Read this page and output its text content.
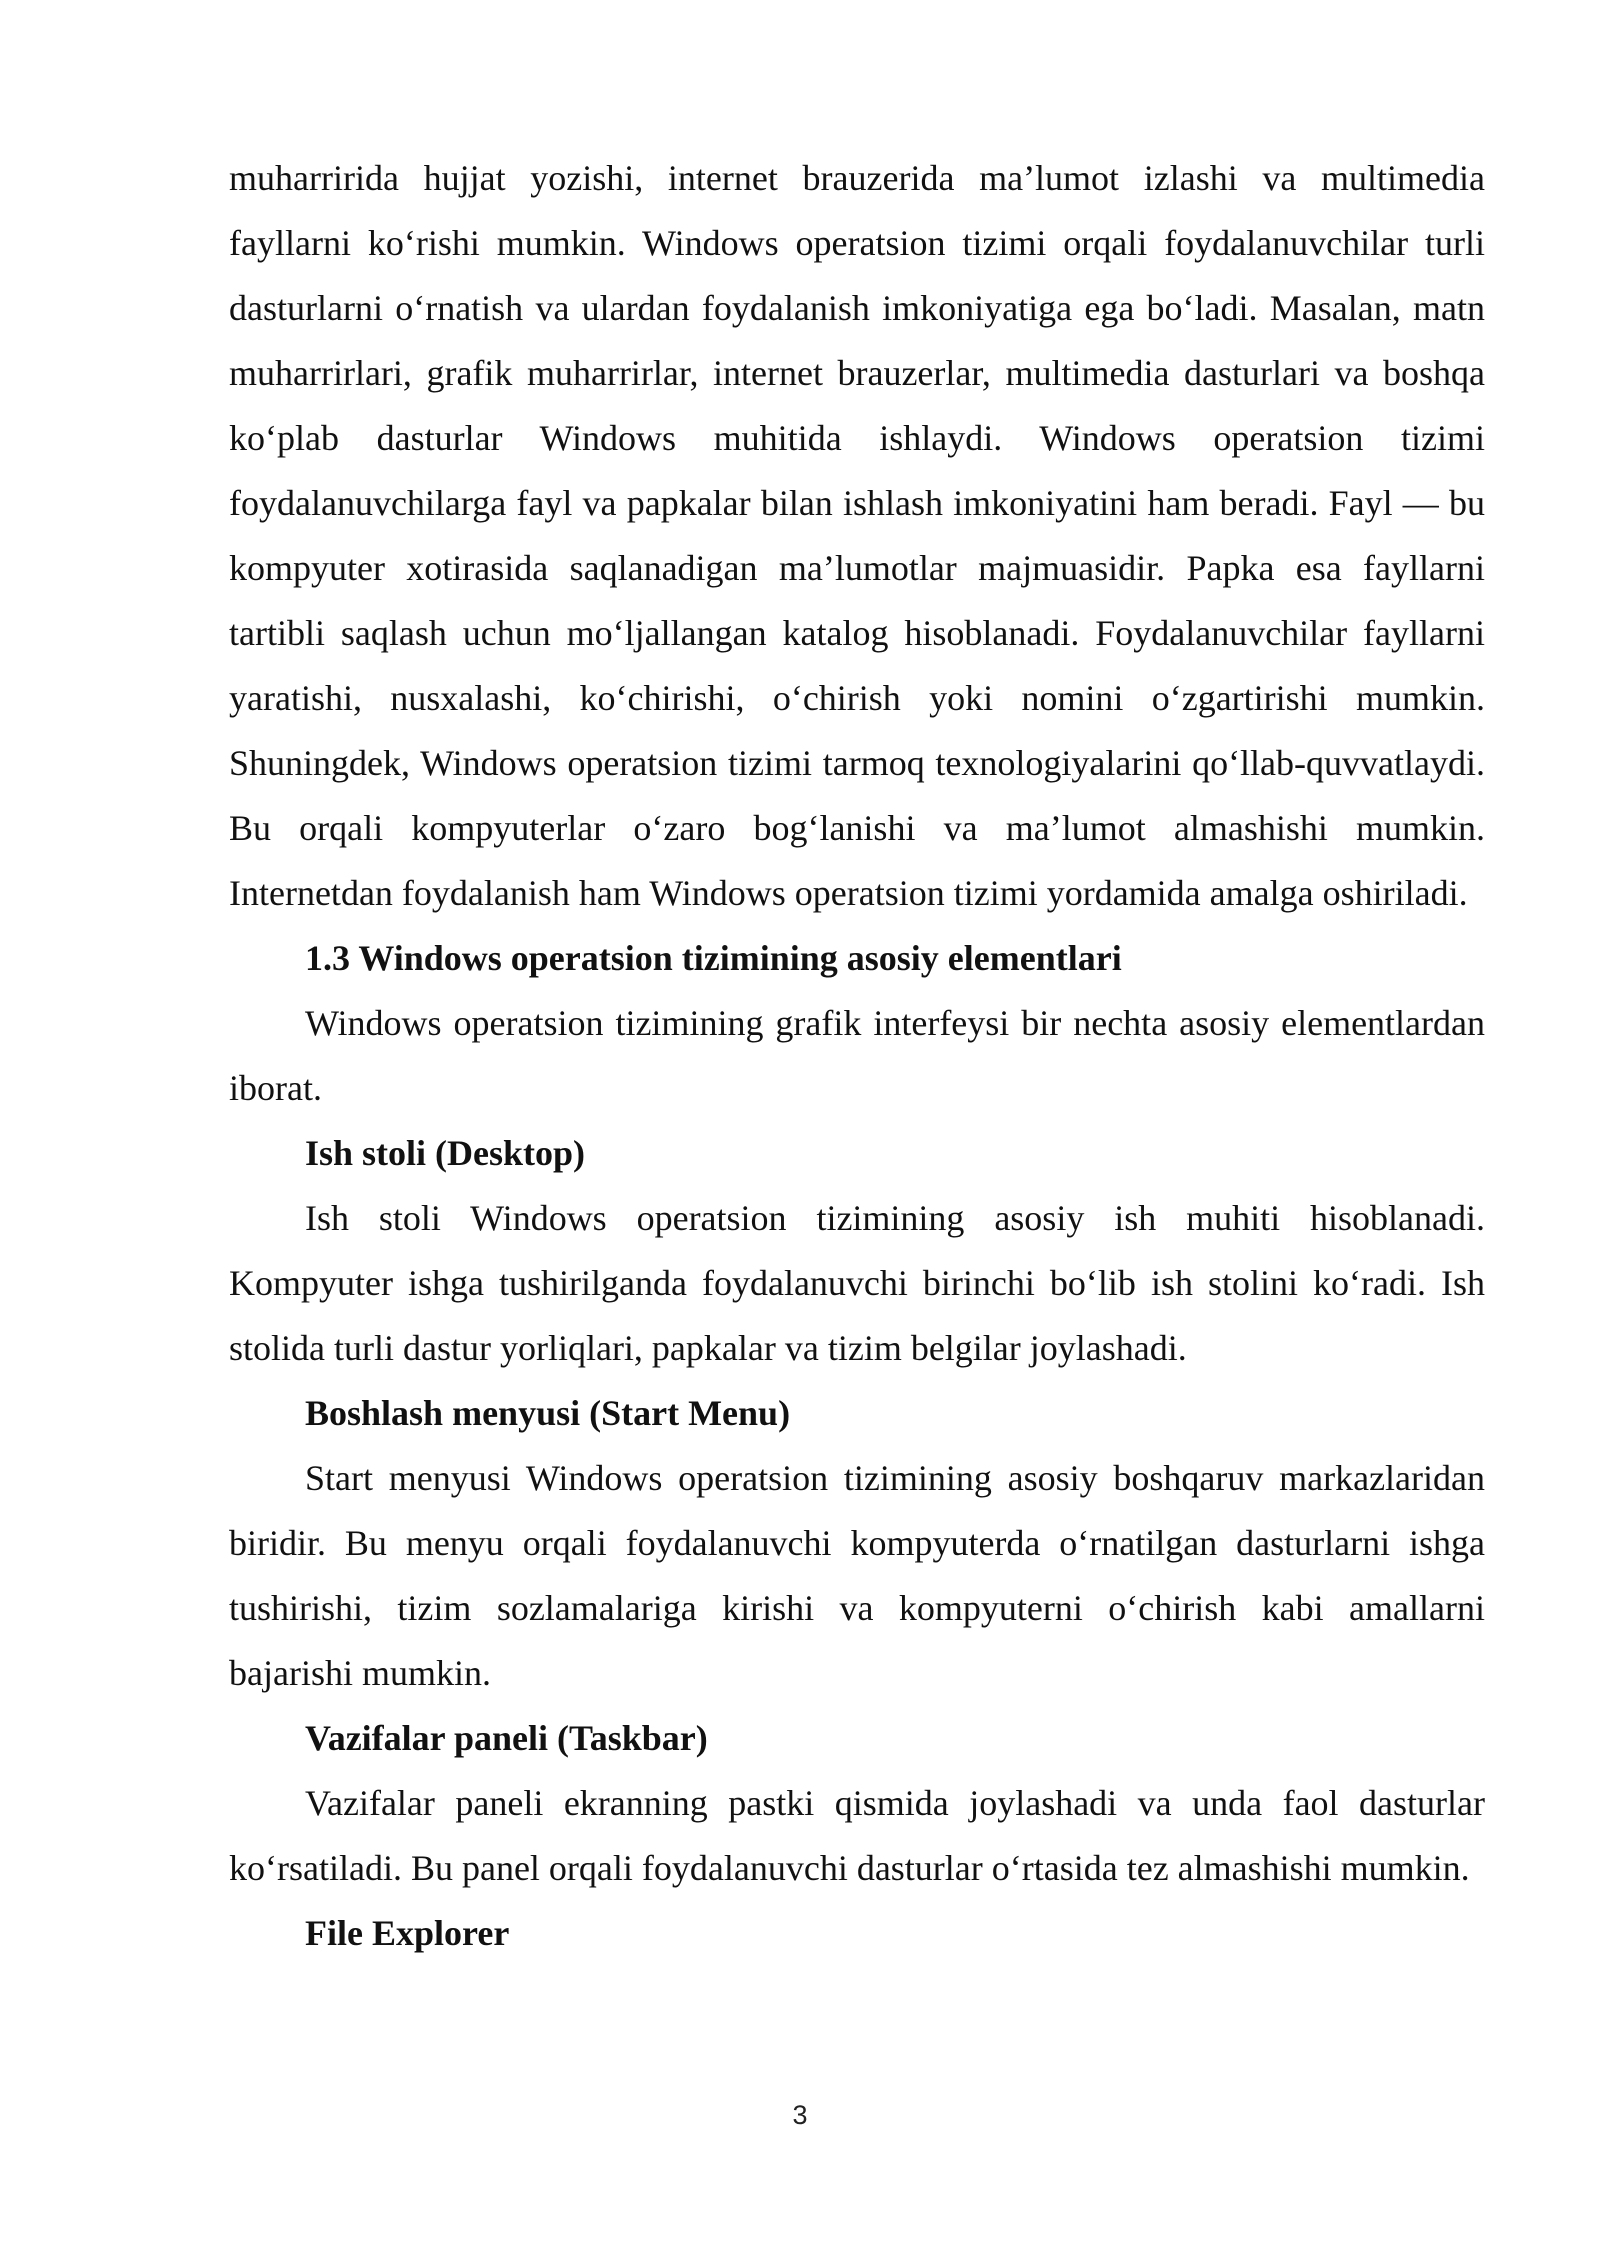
muharririda hujjat yozishi, internet brauzerida ma’lumot izlashi va multimedia fayllarni ko‘rishi mumkin. Windows operatsion tizimi orqali foydalanuvchilar turli dasturlarni o‘rnatish va ulardan foydalanish imkoniyatiga ega bo‘ladi. Masalan, matn muharrirlari, grafik muharrirlar, internet brauzerlar, multimedia dasturlari va boshqa ko‘plab dasturlar Windows muhitida ishlaydi. Windows operatsion tizimi foydalanuvchilarga fayl va papkalar bilan ishlash imkoniyatini ham beradi. Fayl — bu kompyuter xotirasida saqlanadigan ma’lumotlar majmuasidir. Papka esa fayllarni tartibli saqlash uchun mo‘ljallangan katalog hisoblanadi. Foydalanuvchilar fayllarni yaratishi, nusxalashi, ko‘chirishi, o‘chirish yoki nomini o‘zgartirishi mumkin. Shuningdek, Windows operatsion tizimi tarmoq texnologiyalarini qo‘llab-quvvatlaydi. Bu orqali kompyuterlar o‘zaro bog‘lanishi va ma’lumot almashishi mumkin. Internetdan foydalanish ham Windows operatsion tizimi yordamida amalga oshiriladi.

1.3 Windows operatsion tizimining asosiy elementlari

Windows operatsion tizimining grafik interfeysi bir nechta asosiy elementlardan iborat.

Ish stoli (Desktop)

Ish stoli Windows operatsion tizimining asosiy ish muhiti hisoblanadi. Kompyuter ishga tushirilganda foydalanuvchi birinchi bo‘lib ish stolini ko‘radi. Ish stolida turli dastur yorliqlari, papkalar va tizim belgilar joylashadi.

Boshlash menyusi (Start Menu)

Start menyusi Windows operatsion tizimining asosiy boshqaruv markazlaridan biridir. Bu menyu orqali foydalanuvchi kompyuterda o‘rnatilgan dasturlarni ishga tushirishi, tizim sozlamalariga kirishi va kompyuterni o‘chirish kabi amallarni bajarishi mumkin.

Vazifalar paneli (Taskbar)

Vazifalar paneli ekranning pastki qismida joylashadi va unda faol dasturlar ko‘rsatiladi. Bu panel orqali foydalanuvchi dasturlar o‘rtasida tez almashishi mumkin.

File Explorer

3
